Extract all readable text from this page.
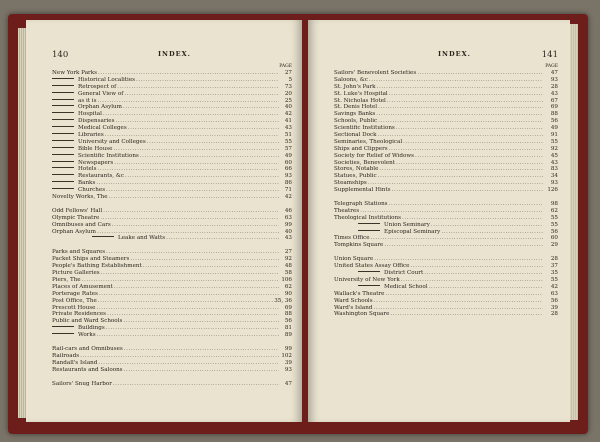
140	INDEX.
PAGE
New York Parks .....	27
Historical Localities .....	5
Retrospect of .....	73
General View of .....	20
as it is .....	25
Orphan Asylum .....	40
Hospital .....	42
Dispensaries .....	41
Medical Colleges .....	43
Libraries .....	51
University and Colleges .....	55
Bible House .....	57
Scientific Institutions .....	49
Newspapers .....	60
Hotels .....	66
Restaurants, &c .....	93
Banks .....	86
Churches .....	71
Novelty Works, The .....	42
Odd Fellows' Hall .....	46
Olympic Theatre .....	63
Omnibuses and Cars .....	99
Orphan Asylum .....	40
Leake and Watts .....	43
Parks and Squares .....	27
Packet Ships and Steamers .....	92
People's Bathing Establishment .....	48
Picture Galleries .....	58
Piers, The .....	106
Places of Amusement .....	62
Porterage Rates .....	90
Post Office, The .....	35, 36
Prescott House .....	69
Private Residences .....	88
Public and Ward Schools .....	56
Buildings .....	81
Works .....	89
Rail-cars and Omnibuses .....	99
Railroads .....	102
Randall's Island .....	39
Restaurants and Saloons .....	93
Sailors' Snug Harbor .....	47
INDEX.	141
PAGE
Sailors' Benevolent Societies .....	47
Saloons, &c .....	93
St. John's Park .....	28
St. Luke's Hospital .....	43
St. Nicholas Hotel .....	67
St. Denis Hotel .....	69
Savings Banks .....	88
Schools, Public .....	56
Scientific Institutions .....	49
Sectional Dock .....	91
Seminaries, Theological .....	55
Ships and Clippers .....	92
Society for Relief of Widows .....	45
Societies, Benevolent .....	43
Stores, Notable .....	83
Statues, Public .....	34
Steamships .....	93
Supplemental Hints .....	126
Telegraph Stations .....	98
Theatres .....	62
Theological Institutions .....	55
Union Seminary .....	55
Episcopal Seminary .....	56
Times Office .....	60
Tompkins Square .....	29
Union Square .....	28
United States Assay Office .....	37
District Court .....	35
University of New York .....	55
Medical School .....	42
Wallack's Theatre .....	63
Ward Schools .....	56
Ward's Island .....	39
Washington Square .....	28
